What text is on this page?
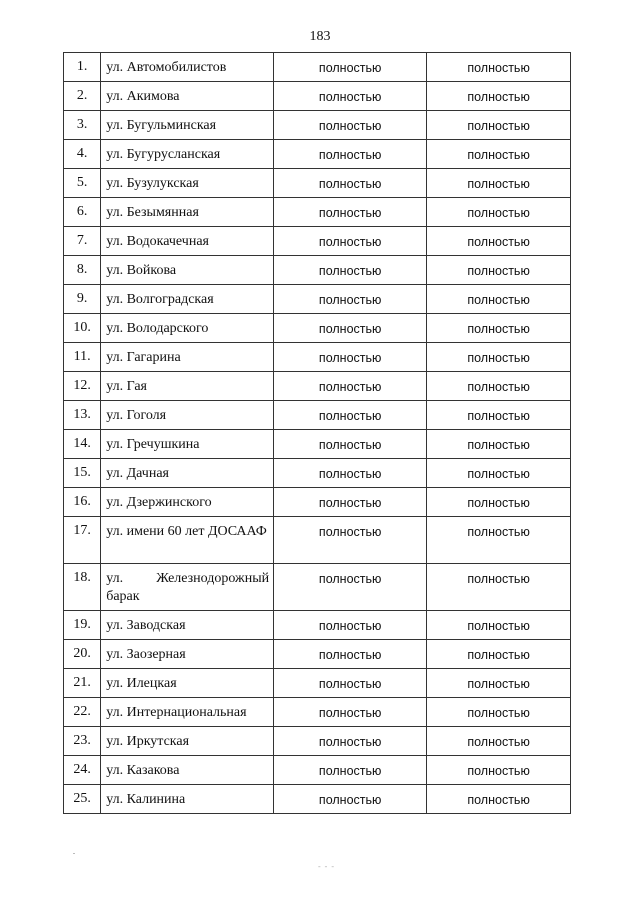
183
1.	ул. Автомобилистов	полностью	полностью
2.	ул. Акимова	полностью	полностью
3.	ул. Бугульминская	полностью	полностью
4.	ул. Бугурусланская	полностью	полностью
5.	ул. Бузулукская	полностью	полностью
6.	ул. Безымянная	полностью	полностью
7.	ул. Водокачечная	полностью	полностью
8.	ул. Войкова	полностью	полностью
9.	ул. Волгоградская	полностью	полностью
10.	ул. Володарского	полностью	полностью
11.	ул. Гагарина	полностью	полностью
12.	ул. Гая	полностью	полностью
13.	ул. Гоголя	полностью	полностью
14.	ул. Гречушкина	полностью	полностью
15.	ул. Дачная	полностью	полностью
16.	ул. Дзержинского	полностью	полностью
17.	ул. имени 60 лет ДОСААФ	полностью	полностью
18.	ул. Железнодорожный барак	полностью	полностью
19.	ул. Заводская	полностью	полностью
20.	ул. Заозерная	полностью	полностью
21.	ул. Илецкая	полностью	полностью
22.	ул. Интернациональная	полностью	полностью
23.	ул. Иркутская	полностью	полностью
24.	ул. Казакова	полностью	полностью
25.	ул. Калинина	полностью	полностью
- - -
